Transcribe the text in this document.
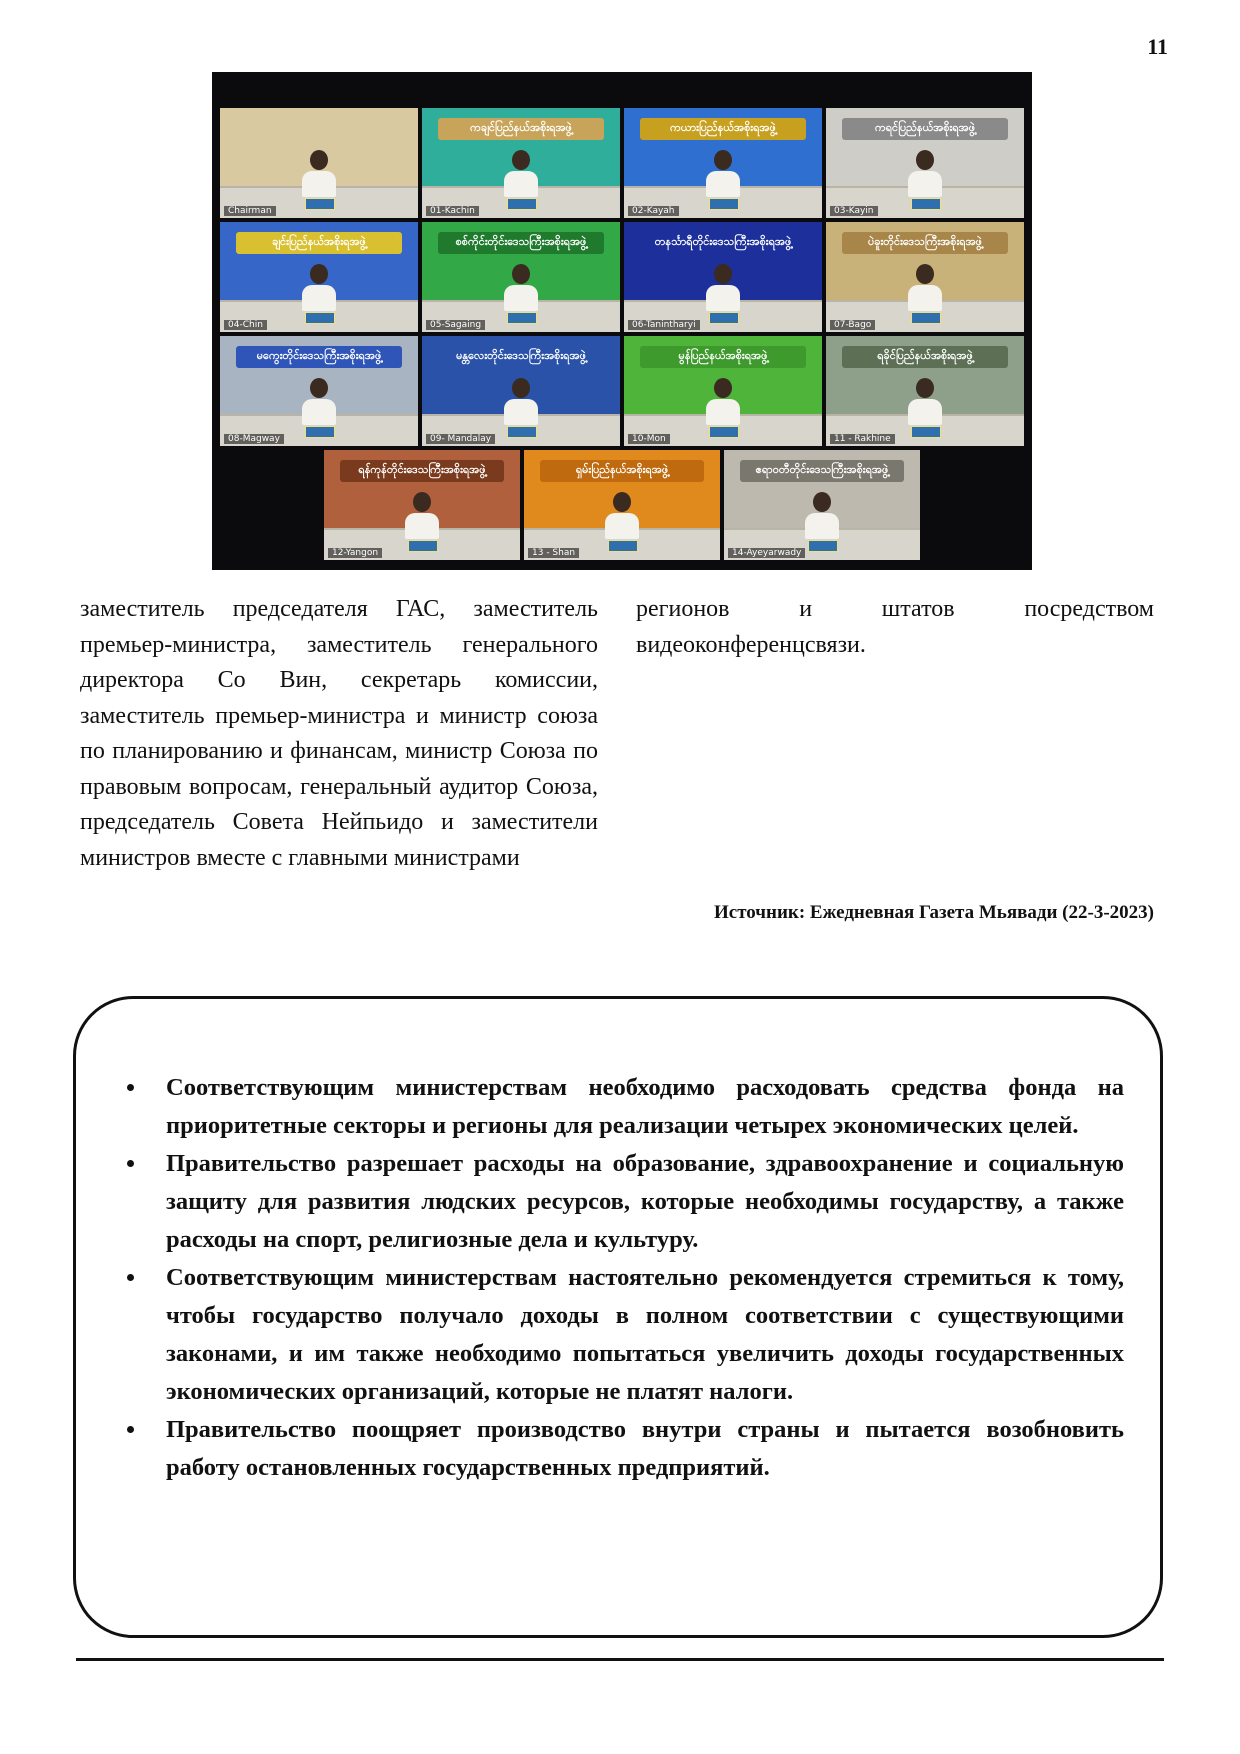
11
Chairman
ကချင်ပြည်နယ်အစိုးရအဖွဲ့
01-Kachin
ကယားပြည်နယ်အစိုးရအဖွဲ့
02-Kayah
ကရင်ပြည်နယ်အစိုးရအဖွဲ့
03-Kayin
ချင်းပြည်နယ်အစိုးရအဖွဲ့
04-Chin
စစ်ကိုင်းတိုင်းဒေသကြီးအစိုးရအဖွဲ့
05-Sagaing
တနင်္သာရီတိုင်းဒေသကြီးအစိုးရအဖွဲ့
06-Tanintharyi
ပဲခူးတိုင်းဒေသကြီးအစိုးရအဖွဲ့
07-Bago
မကွေးတိုင်းဒေသကြီးအစိုးရအဖွဲ့
08-Magway
မန္တလေးတိုင်းဒေသကြီးအစိုးရအဖွဲ့
09- Mandalay
မွန်ပြည်နယ်အစိုးရအဖွဲ့
10-Mon
ရခိုင်ပြည်နယ်အစိုးရအဖွဲ့
11 - Rakhine
ရန်ကုန်တိုင်းဒေသကြီးအစိုးရအဖွဲ့
12-Yangon
ရှမ်းပြည်နယ်အစိုးရအဖွဲ့
13 - Shan
ဧရာဝတီတိုင်းဒေသကြီးအစိုးရအဖွဲ့
14-Ayeyarwady
заместитель председателя ГАС, заместитель премьер-министра, заместитель генерального директора Со Вин, секретарь комиссии, заместитель премьер-министра и министр союза по планированию и финансам, министр Союза по правовым вопросам, генеральный аудитор Союза, председатель Совета Нейпьидо и заместители министров вместе с главными министрами
регионов и штатов посредством видеоконференцсвязи.
Источник: Ежедневная Газета Мьявади (22-3-2023)
• Соответствующим министерствам необходимо расходовать средства фонда на приоритетные секторы и регионы для реализации четырех экономических целей.
• Правительство разрешает расходы на образование, здравоохранение и социальную защиту для развития людских ресурсов, которые необходимы государству, а также расходы на спорт, религиозные дела и культуру.
• Соответствующим министерствам настоятельно рекомендуется стремиться к тому, чтобы государство получало доходы в полном соответствии с существующими законами, и им также необходимо попытаться увеличить доходы государственных экономических организаций, которые не платят налоги.
• Правительство поощряет производство внутри страны и пытается возобновить работу остановленных государственных предприятий.
